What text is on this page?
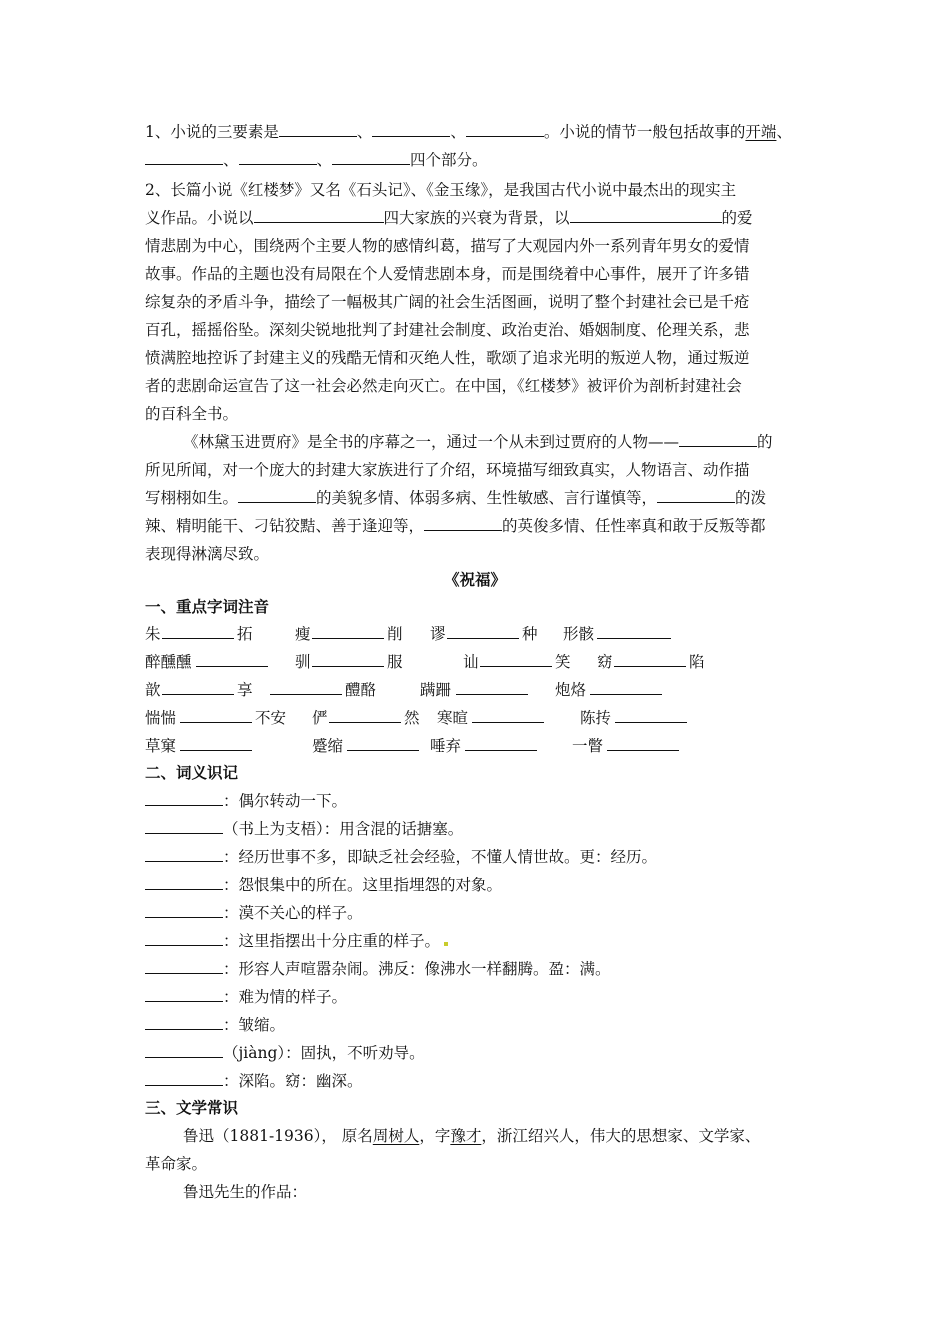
1、小说的三要素是	、	、	。小说的情节一般包括故事的开端、
、	、	四个部分。
2、长篇小说《红楼梦》又名《石头记》、《金玉缘》，是我国古代小说中最杰出的现实主
义作品。小说以	四大家族的兴衰为背景，以	的爱
情悲剧为中心，围绕两个主要人物的感情纠葛，描写了大观园内外一系列青年男女的爱情
故事。作品的主题也没有局限在个人爱情悲剧本身，而是围绕着中心事件，展开了许多错
综复杂的矛盾斗争，描绘了一幅极其广阔的社会生活图画，说明了整个封建社会已是千疮
百孔，摇摇俗坠。深刻尖锐地批判了封建社会制度、政治吏治、婚姻制度、伦理关系，悲
愤满腔地控诉了封建主义的残酷无情和灭绝人性，歌颂了追求光明的叛逆人物，通过叛逆
者的悲剧命运宣告了这一社会必然走向灭亡。在中国，《红楼梦》被评价为剖析封建社会
的百科全书。
《林黛玉进贾府》是全书的序幕之一，通过一个从未到过贾府的人物——	的
所见所闻，对一个庞大的封建大家族进行了介绍，环境描写细致真实，人物语言、动作描
写栩栩如生。	的美貌多情、体弱多病、生性敏感、言行谨慎等，	的泼
辣、精明能干、刁钻狡黠、善于逢迎等，	的英俊多情、任性率真和敢于反叛等都
表现得淋漓尽致。
《祝福》
一、重点字词注音
朱	拓	瘦	削 谬	种 形骸
醉醺醺	驯	服	讪	笑 窈	陷
歆	享	醴酪	蹒跚	炮烙
惴惴	不安 俨	然 寒暄	陈抟
草窠	蹙缩	唾弃	一瞥
二、词义识记
：偶尔转动一下。
（书上为支梧）：用含混的话搪塞。
：经历世事不多，即缺乏社会经验，不懂人情世故。更：经历。
：怨恨集中的所在。这里指埋怨的对象。
：漠不关心的样子。
：这里指摆出十分庄重的样子。
：形容人声喧嚣杂闹。沸反：像沸水一样翻腾。盈：满。
：难为情的样子。
：皱缩。
（jiàng）：固执，不听劝导。
：深陷。窈：幽深。
三、文学常识
鲁迅（1881-1936）， 原名周树人，字豫才，浙江绍兴人，伟大的思想家、文学家、
革命家。
鲁迅先生的作品：
